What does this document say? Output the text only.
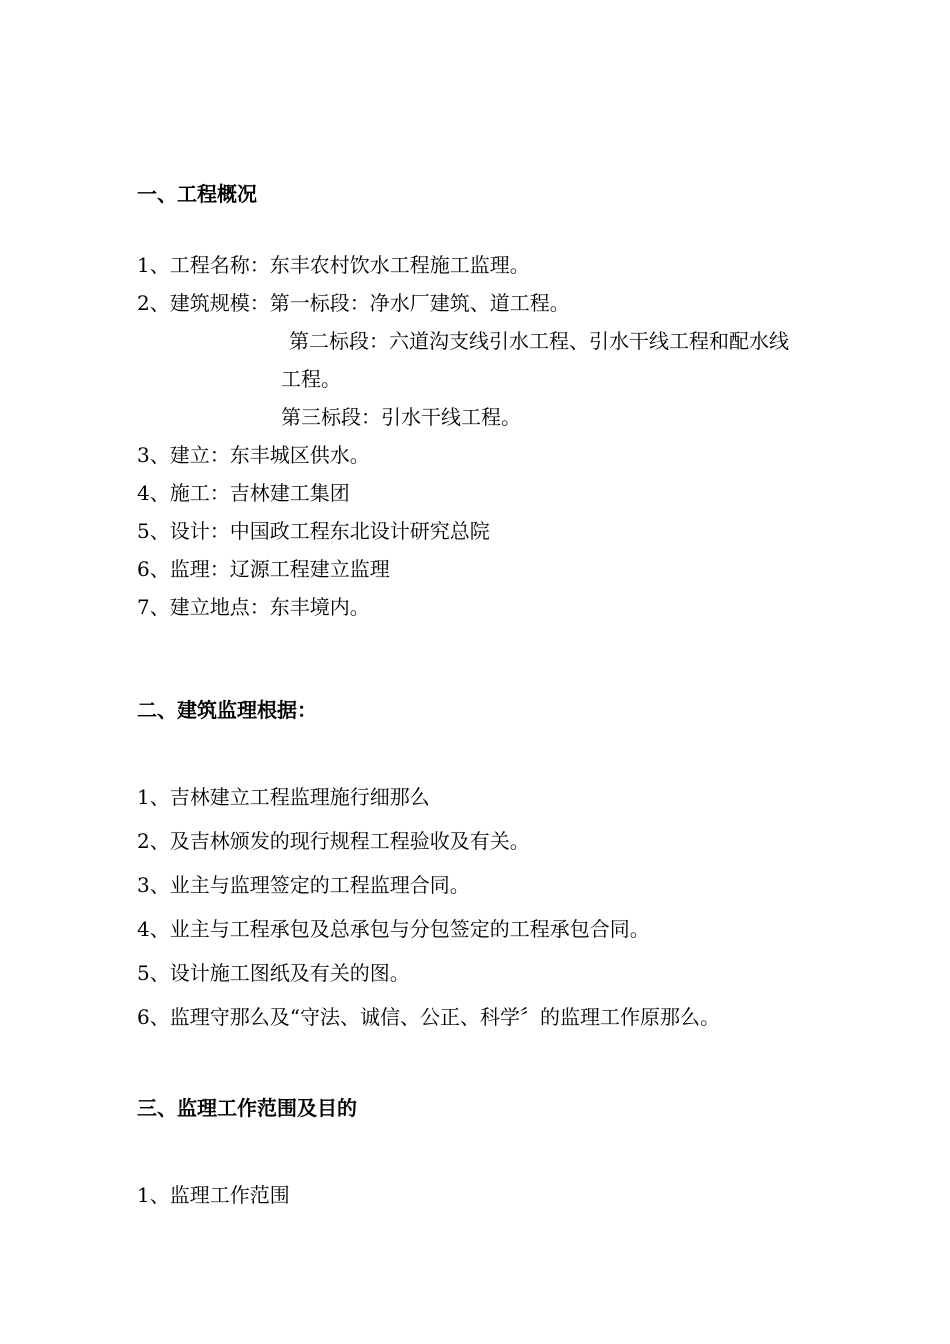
一、工程概况
1、工程名称：东丰农村饮水工程施工监理。
2、建筑规模：第一标段：净水厂建筑、道工程。
第二标段：六道沟支线引水工程、引水干线工程和配水线
工程。
第三标段：引水干线工程。
3、建立：东丰城区供水。
4、施工：吉林建工集团
5、设计：中国政工程东北设计研究总院
6、监理：辽源工程建立监理
7、建立地点：东丰境内。
二、建筑监理根据：
1、吉林建立工程监理施行细那么
2、及吉林颁发的现行规程工程验收及有关。
3、业主与监理签定的工程监理合同。
4、业主与工程承包及总承包与分包签定的工程承包合同。
5、设计施工图纸及有关的图。
6、监理守那么及“守法、诚信、公正、科学〞的监理工作原那么。
三、监理工作范围及目的
1、监理工作范围
